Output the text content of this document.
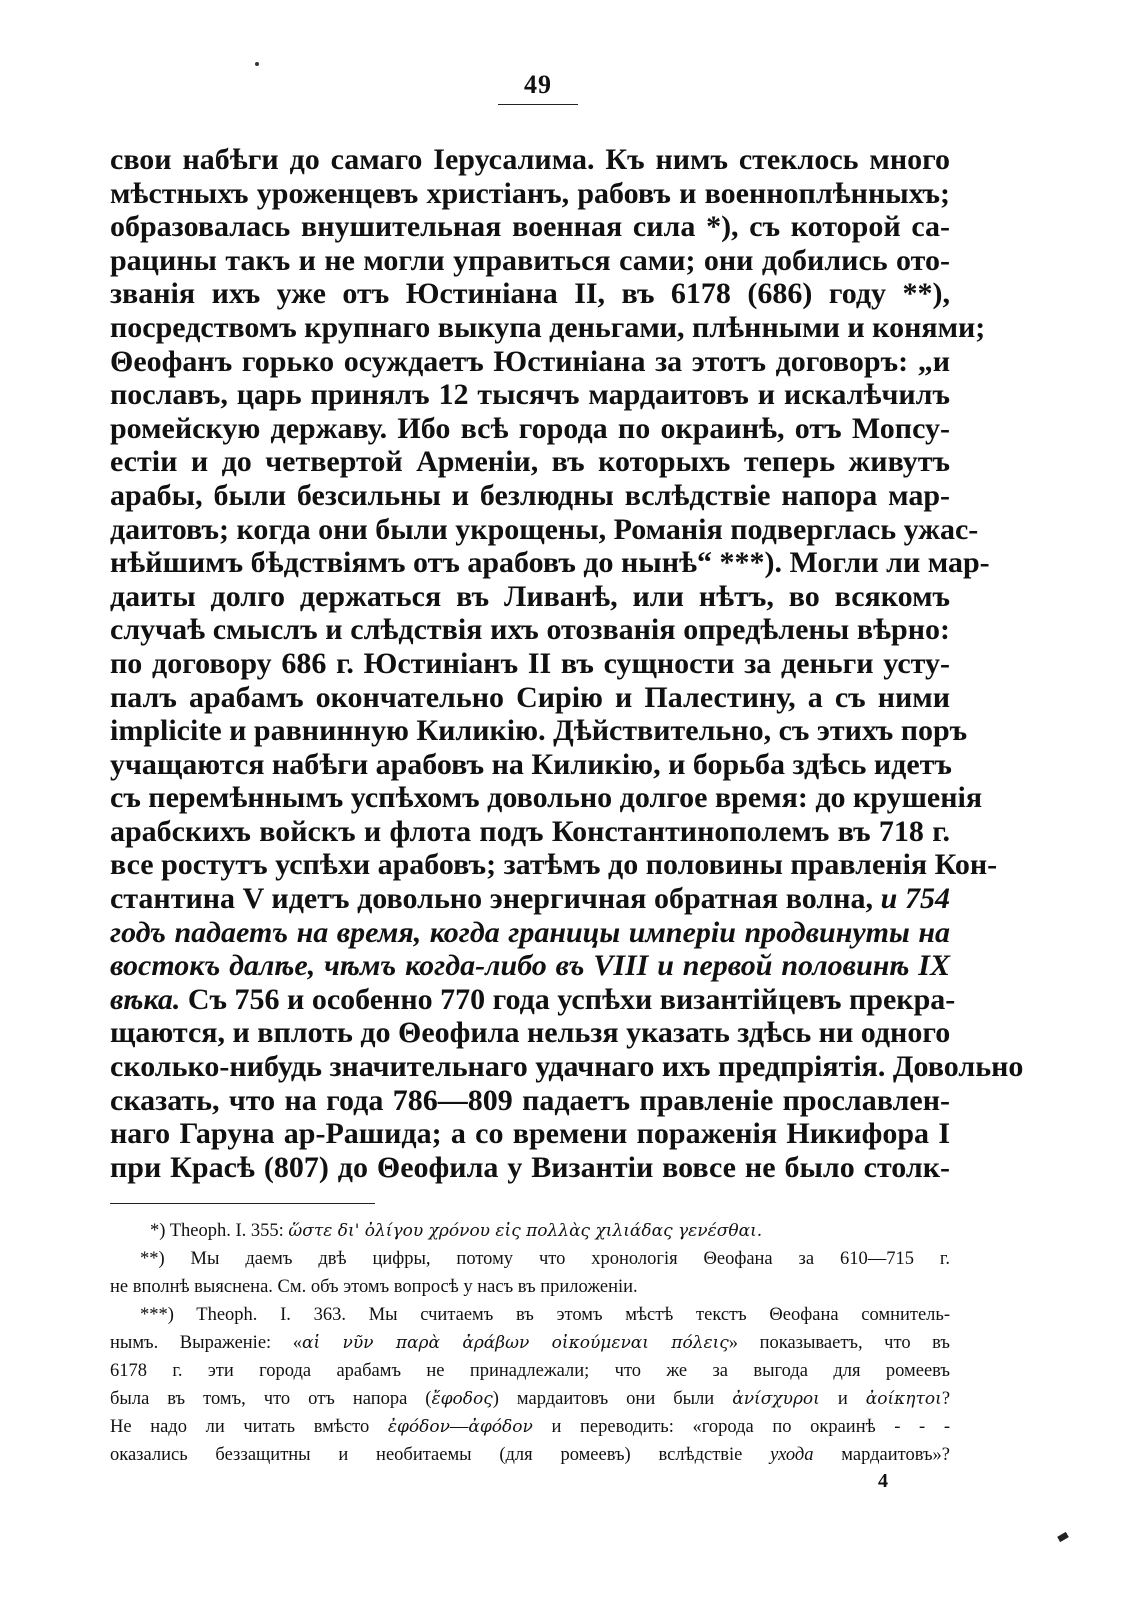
49
свои набѣги до самаго Іерусалима. Къ нимъ стеклось много
мѣстныхъ уроженцевъ христіанъ, рабовъ и военноплѣнныхъ;
образовалась внушительная военная сила *), съ которой са-
рацины такъ и не могли управиться сами; они добились ото-
званія ихъ уже отъ Юстиніана II, въ 6178 (686) году **),
посредствомъ крупнаго выкупа деньгами, плѣнными и конями;
Θеофанъ горько осуждаетъ Юстиніана за этотъ договоръ: „и
пославъ, царь принялъ 12 тысячъ мардаитовъ и искалѣчилъ
ромейскую державу. Ибо всѣ города по окраинѣ, отъ Мопсу-
естіи и до четвертой Арменіи, въ которыхъ теперь живутъ
арабы, были безсильны и безлюдны вслѣдствіе напора мар-
даитовъ; когда они были укрощены, Романія подверглась ужас-
нѣйшимъ бѣдствіямъ отъ арабовъ до нынѣ“ ***). Могли ли мар-
даиты долго держаться въ Ливанѣ, или нѣтъ, во всякомъ
случаѣ смыслъ и слѣдствія ихъ отозванія опредѣлены вѣрно:
по договору 686 г. Юстиніанъ II въ сущности за деньги усту-
палъ арабамъ окончательно Сирію и Палестину, а съ ними
implicite и равнинную Киликію. Дѣйствительно, съ этихъ поръ
учащаются набѣги арабовъ на Киликію, и борьба здѣсь идетъ
съ перемѣннымъ успѣхомъ довольно долгое время: до крушенія
арабскихъ войскъ и флота подъ Константинополемъ въ 718 г.
все ростутъ успѣхи арабовъ; затѣмъ до половины правленія Кон-
стантина V идетъ довольно энергичная обратная волна, и 754
годъ падаетъ на время, когда границы имперіи продвинуты на
востокъ далѣе, чѣмъ когда-либо въ VIII и первой половинѣ IX
вѣка. Съ 756 и особенно 770 года успѣхи византійцевъ прекра-
щаются, и вплоть до Θеофила нельзя указать здѣсь ни одного
сколько-нибудь значительнаго удачнаго ихъ предпріятія. Довольно
сказать, что на года 786—809 падаетъ правленіе прославлен-
наго Гаруна ар-Рашида; а со времени пораженія Никифора I
при Красѣ (807) до Θеофила у Византіи вовсе не было столк-
*) Theoph. I. 355: ὥστε δι' ὀλίγου χρόνου εἰς πολλὰς χιλιάδας γενέσθαι.
**) Мы даемъ двѣ цифры, потому что хронологія Θеофана за 610—715 г.
не вполнѣ выяснена. См. объ этомъ вопросѣ у насъ въ приложеніи.
***) Theoph. I. 363. Мы считаемъ въ этомъ мѣстѣ текстъ Θеофана сомнитель-
нымъ. Выраженіе: «αἱ νῦν παρὰ ἀράβων οἰκούμεναι πόλεις» показываетъ, что въ
6178 г. эти города арабамъ не принадлежали; что же за выгода для ромеевъ
была въ томъ, что отъ напора (ἔφοδος) мардаитовъ они были ἀνίσχυροι и ἀοίκητοι?
Не надо ли читать вмѣсто ἐφόδον—ἀφόδον и переводить: «города по окраинѣ - - -
оказались беззащитны и необитаемы (для ромеевъ) вслѣдствіе ухода мардаитовъ»?
4
